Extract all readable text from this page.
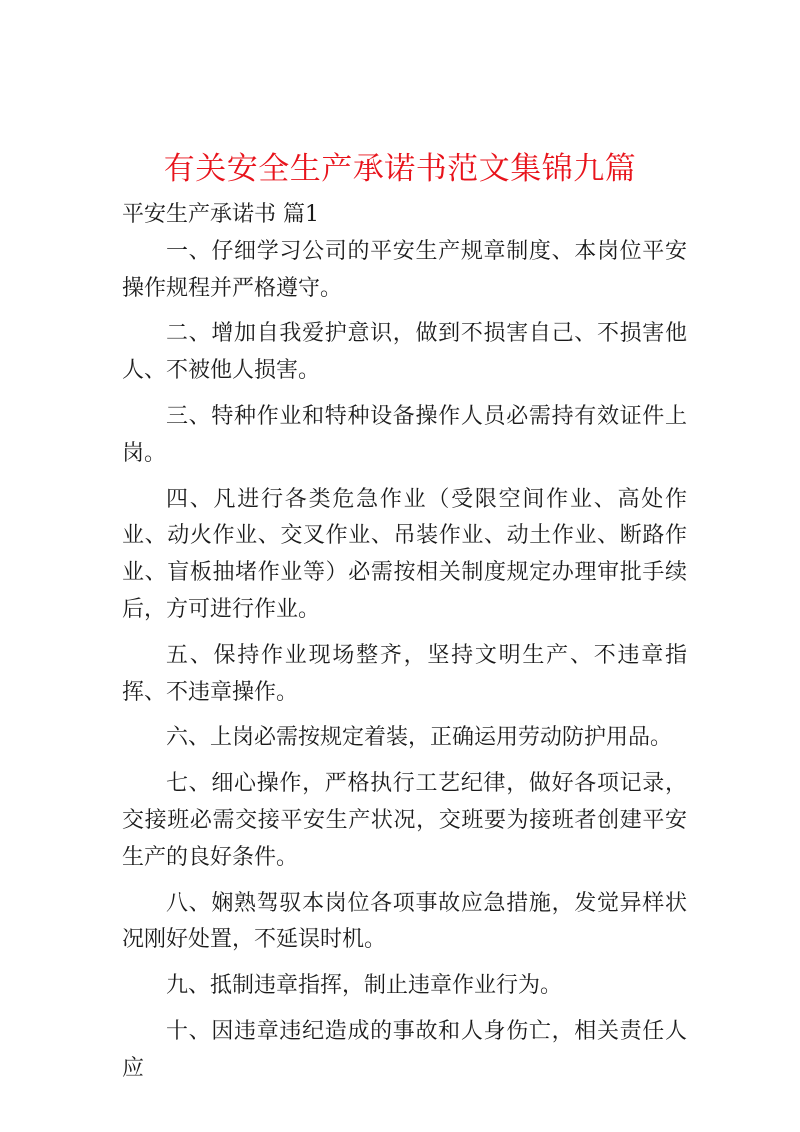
有关安全生产承诺书范文集锦九篇

平安生产承诺书 篇1

一、仔细学习公司的平安生产规章制度、本岗位平安操作规程并严格遵守。

二、增加自我爱护意识，做到不损害自己、不损害他人、不被他人损害。

三、特种作业和特种设备操作人员必需持有效证件上岗。

四、凡进行各类危急作业（受限空间作业、高处作业、动火作业、交叉作业、吊装作业、动土作业、断路作业、盲板抽堵作业等）必需按相关制度规定办理审批手续后，方可进行作业。

五、保持作业现场整齐，坚持文明生产、不违章指挥、不违章操作。

六、上岗必需按规定着装，正确运用劳动防护用品。

七、细心操作，严格执行工艺纪律，做好各项记录，交接班必需交接平安生产状况，交班要为接班者创建平安生产的良好条件。

八、娴熟驾驭本岗位各项事故应急措施，发觉异样状况刚好处置，不延误时机。

九、抵制违章指挥，制止违章作业行为。

十、因违章违纪造成的事故和人身伤亡，相关责任人应
